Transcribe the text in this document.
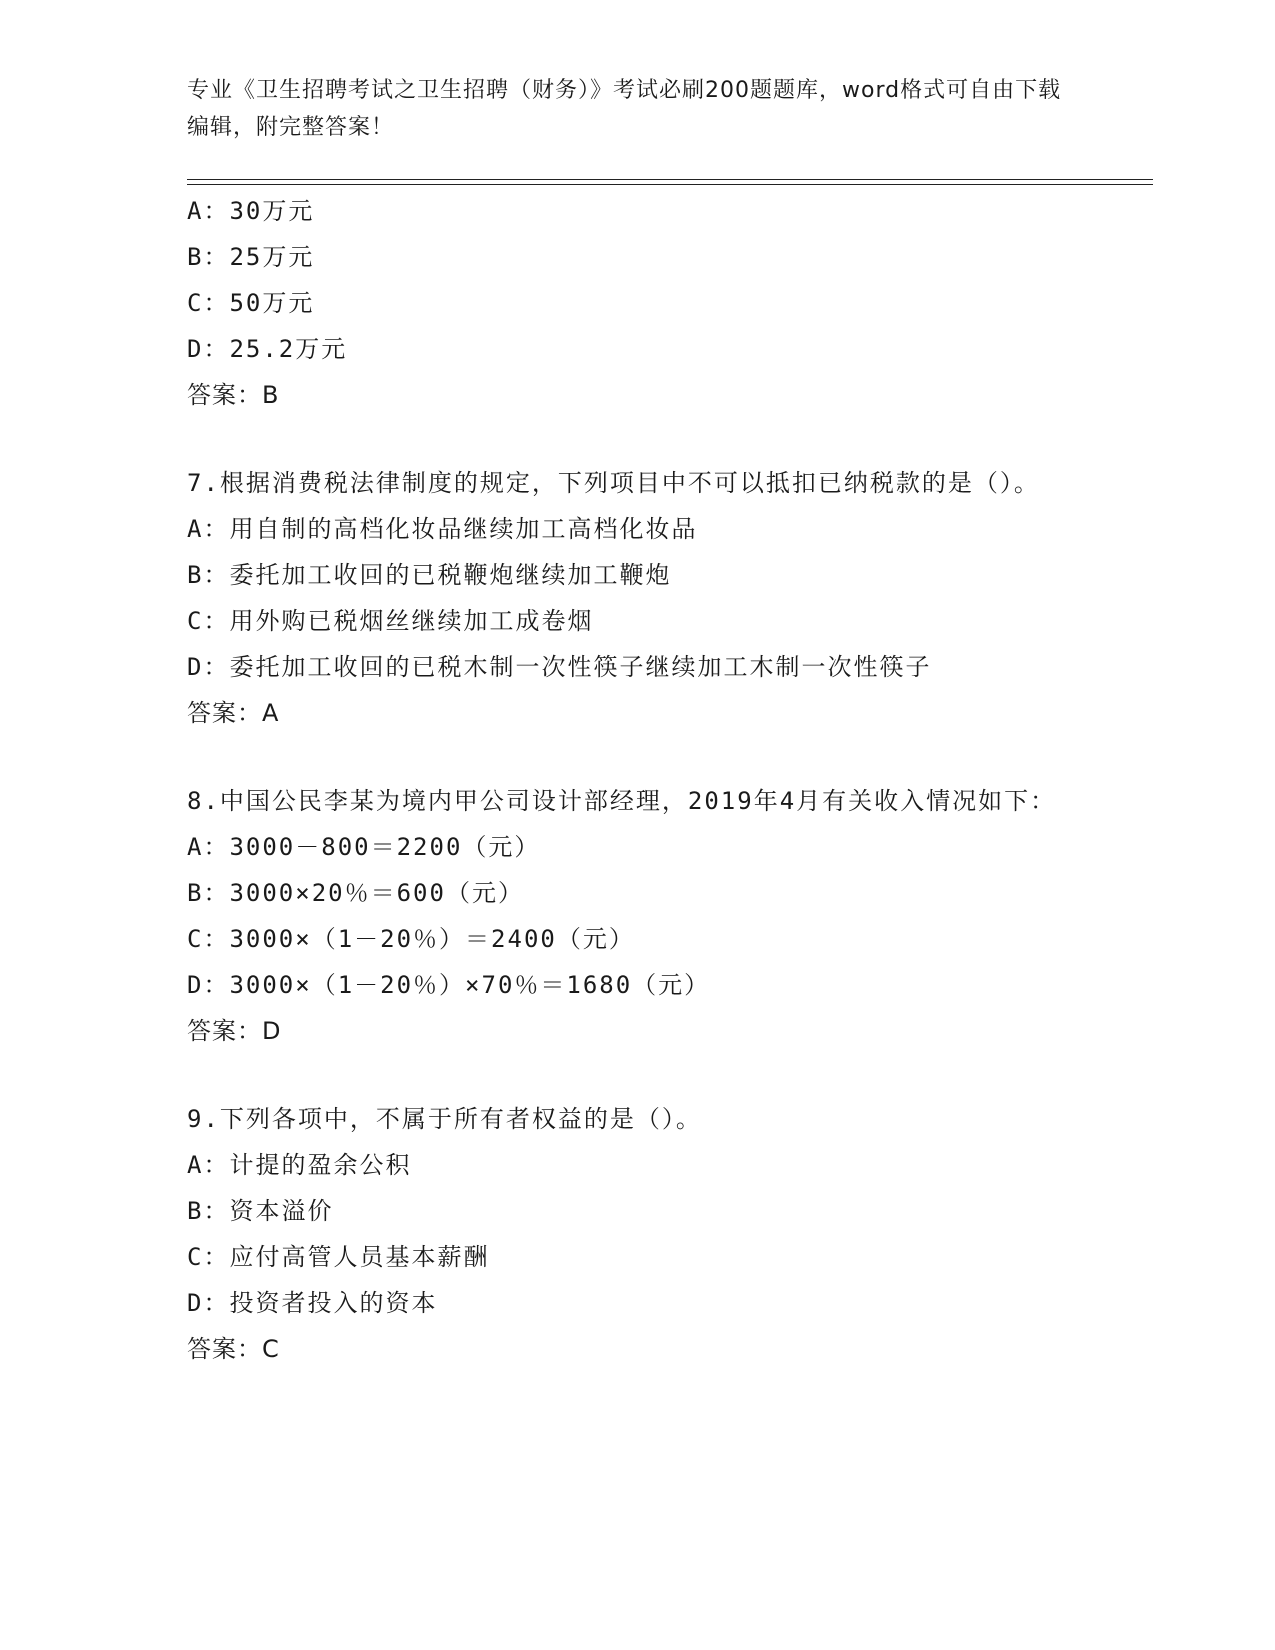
专业《卫生招聘考试之卫生招聘（财务）》考试必刷200题题库，word格式可自由下载编辑，附完整答案！
A：30万元
B：25万元
C：50万元
D：25.2万元
答案：B
7.根据消费税法律制度的规定，下列项目中不可以抵扣已纳税款的是（）。
A：用自制的高档化妆品继续加工高档化妆品
B：委托加工收回的已税鞭炮继续加工鞭炮
C：用外购已税烟丝继续加工成卷烟
D：委托加工收回的已税木制一次性筷子继续加工木制一次性筷子
答案：A
8.中国公民李某为境内甲公司设计部经理，2019年4月有关收入情况如下：
A：3000－800＝2200（元）
B：3000×20％＝600（元）
C：3000×（1－20％）＝2400（元）
D：3000×（1－20％）×70％＝1680（元）
答案：D
9.下列各项中，不属于所有者权益的是（）。
A：计提的盈余公积
B：资本溢价
C：应付高管人员基本薪酬
D：投资者投入的资本
答案：C
